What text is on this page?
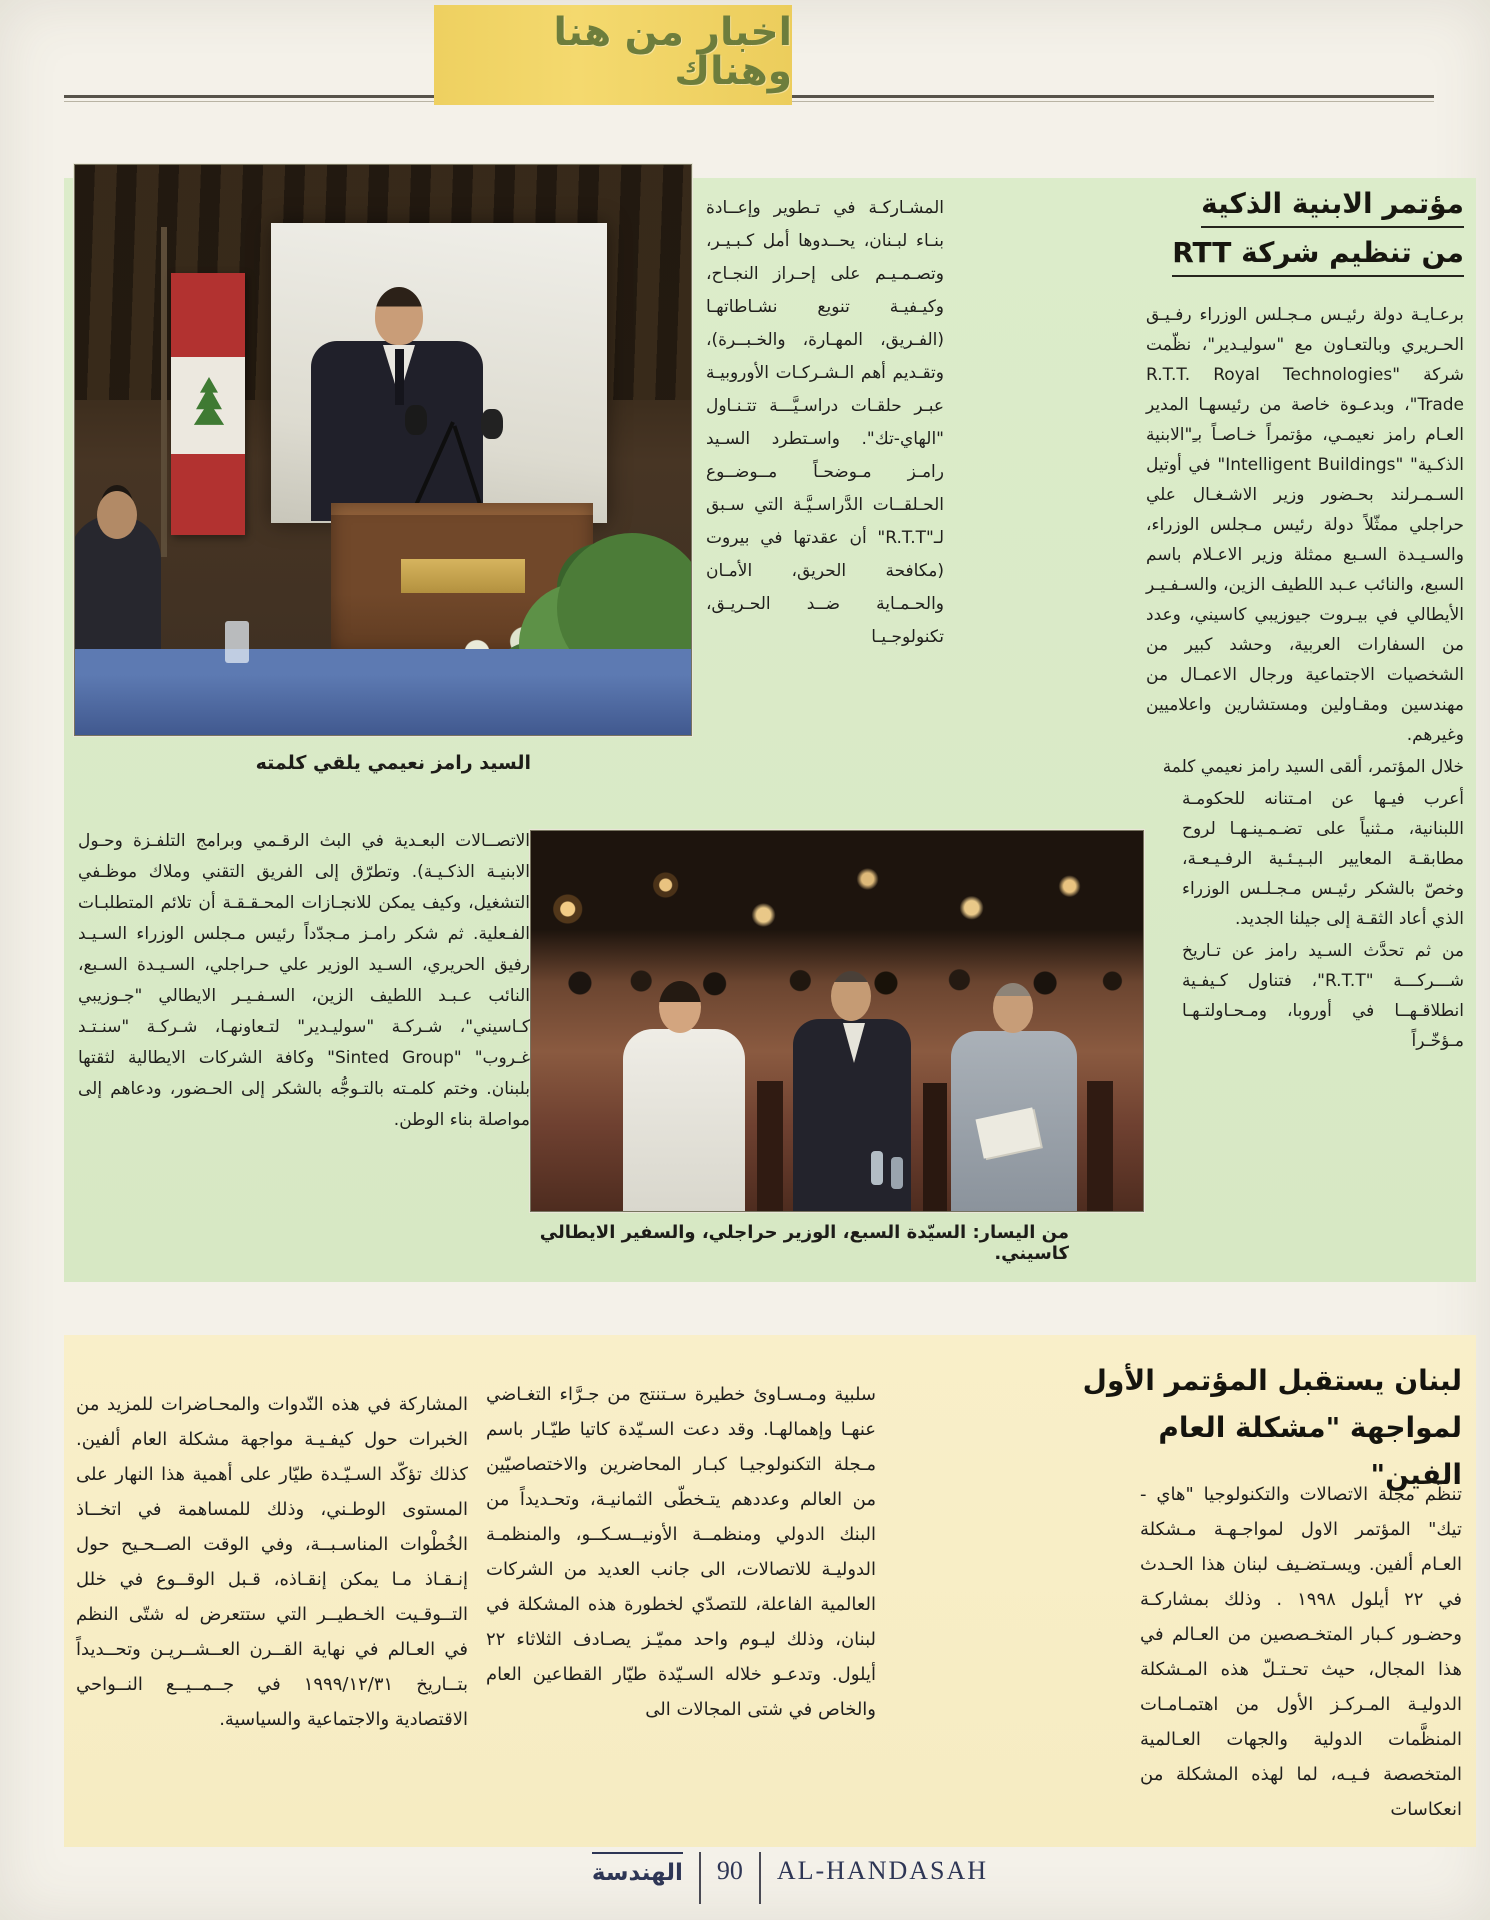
اخبار من هنا وهناك
السيد رامز نعيمي يلقي كلمته
مؤتمر الابنية الذكية
من تنظيم شركة RTT

برعـايـة دولة رئيـس مـجـلس الوزراء رفـيـق الحـريري وبالتعـاون مع "سوليـدير"، نظّمت شركة "R.T.T. Royal Technologies Trade"، وبدعـوة خاصة من رئيسهـا المدير العـام رامز نعيمـي، مؤتمراً خـاصـاً بـِ"الابنية الذكـية" "Intelligent Buildings" في أوتيل السـمـرلند بحـضور وزير الاشـغـال علي حراجلي ممثّلاً دولة رئيس مـجلس الوزراء، والسـيـدة السـبع ممثلة وزير الاعـلام باسم السبع، والنائب عـبد اللطيف الزين، والسـفـيـر الأيطالي في بيـروت جيوزيبي كاسيني، وعدد من السفارات العربية، وحشد كبير من الشخصيات الاجتماعية ورجال الاعمـال من مهندسين ومقـاولين ومستشارين واعلاميين وغيرهم.

خلال المؤتمر، ألقى السيد رامز نعيمي كلمة

أعرب فيـها عن امـتنانه للحكومـة اللبنانية، مـثنياً على تضـمـينـهـا لروح مطابقـة المعايير البـيـئـية الرفـيـعـة، وخصّ بالشكر رئيـس مـجـلـس الوزراء الذي أعاد الثقـة إلى جيلنا الجديد.

من ثم تحدَّث السـيد رامز عن تـاريخ شـــركـــة "R.T.T"، فتناول كـيفـية انطلاقـهــا في أوروبا، ومـحـاولتـهـا مـؤخّـراً

المشـاركـة في تـطوير وإعــادة بنـاء لبـنان، يحــدوها أمل كـبـيـر، وتصـمـيـم على إحـراز النجـاح، وكيـفيـة تنويع نشـاطاتهـا (الفـريق، المهـارة، والخـبــرة)، وتقـديم أهم الـشـركـات الأوروبيـة عبـر حلقـات دراسـيَّـــة تتـنـاول "الهاي-تك". واسـتطرد السـيد رامـز مـوضحـاً مــوضــوع الحـلقــات الدَّراسـيَّـة التي سـبق لـ"R.T.T" أن عقدتها في بيروت (مكافحة الحريق، الأمـان والحـمـاية ضــد الحـريـق، تكنولوجـيـا
الاتصــالات البعـدية في البث الرقـمي وبرامج التلفـزة وحـول الابنيـة الذكـيـة). وتطرّق إلى الفريق التقني وملاك موظـفي التشغيل، وكيف يمكن للانجـازات المحـقـقـة أن تلائم المتطلبـات الفـعلية. ثم شكر رامـز مـجدّداً رئيس مـجلس الوزراء السـيـد رفيق الحريري، السـيد الوزير علي حـراجلي، السـيـدة السـبع، النائب عـبـد اللطيف الزين، السـفـيـر الايطالي "جـوزيبي كـاسيني"، شـركـة "سوليـدير" لتـعاونهـا، شـركـة "سنـتـد غـروب" "Sinted Group" وكافة الشركات الايطالية لثقتها بلبنان. وختم كلمـته بالتـوجُّه بالشكر إلى الحـضور، ودعاهم إلى مواصلة بناء الوطن.
من اليسار: السيّدة السبع، الوزير حراجلي، والسفير الايطالي كاسيني.
لبنان يستقبل المؤتمر الأول
لمواجهة "مشكلة العام الفين"
تنظّم مجلة الاتصالات والتكنولوجيا "هاي - تيك" المؤتمر الاول لمواجـهـة مـشكلة العـام ألفين. ويسـتضـيف لبنان هذا الحـدث في ٢٢ أيلول ١٩٩٨ . وذلك بمشاركـة وحضـور كـبار المتخـصصين من العـالم في هذا المجال، حيث تحـتـلّ هذه المـشكلة الدوليـة المـركـز الأول من اهتمـامـات المنظَّمات الدولية والجهات العـالمية المتخصصة فـيـه، لما لهذه المشكلة من انعكاسات
سلبية ومـسـاوئ خطيرة سـتنتج من جـرَّاء التغـاضي عنهـا وإهمالهـا. وقد دعت السـيّدة كاتيا طيّـار باسم مـجلة التكنولوجيـا كبـار المحاضرين والاختصاصيّين من العالم وعددهم يتـخطّى الثمانيـة، وتحـديداً من البنك الدولي ومنظمــة الأونيــسـكــو، والمنظمـة الدوليـة للاتصالات، الى جانب العديد من الشركات العالمية الفاعلة، للتصدّي لخطورة هذه المشكلة في لبنان، وذلك ليـوم واحد مميّـز يصـادف الثلاثاء ٢٢ أيلول. وتدعـو خلاله السـيّدة طيّار القطاعين العام والخاص في شتى المجالات الى
المشاركة في هذه النّدوات والمحـاضرات للمزيد من الخبرات حول كيفـيـة مواجهة مشكلة العام ألفين. كذلك تؤكّد السـيّـدة طيّار على أهمية هذا النهار على المستوى الوطـني، وذلك للمساهمة في اتخــاذ الخُطْوات المناسـبــة، وفي الوقت الصــحـيح حول إنـقـاذ مـا يمكن إنقـاذه، قـبل الوقــوع في خلل التــوقـيت الخـطيــر التي ستتعرض له شتّى النظم في العـالم في نهاية القــرن العــشــريـن وتحــديداً بتــاريخ ١٩٩٩/١٢/٣١ في جــمــيــع النــواحي الاقتصادية والاجتماعية والسياسية.
الهندسة 90 AL-HANDASAH
